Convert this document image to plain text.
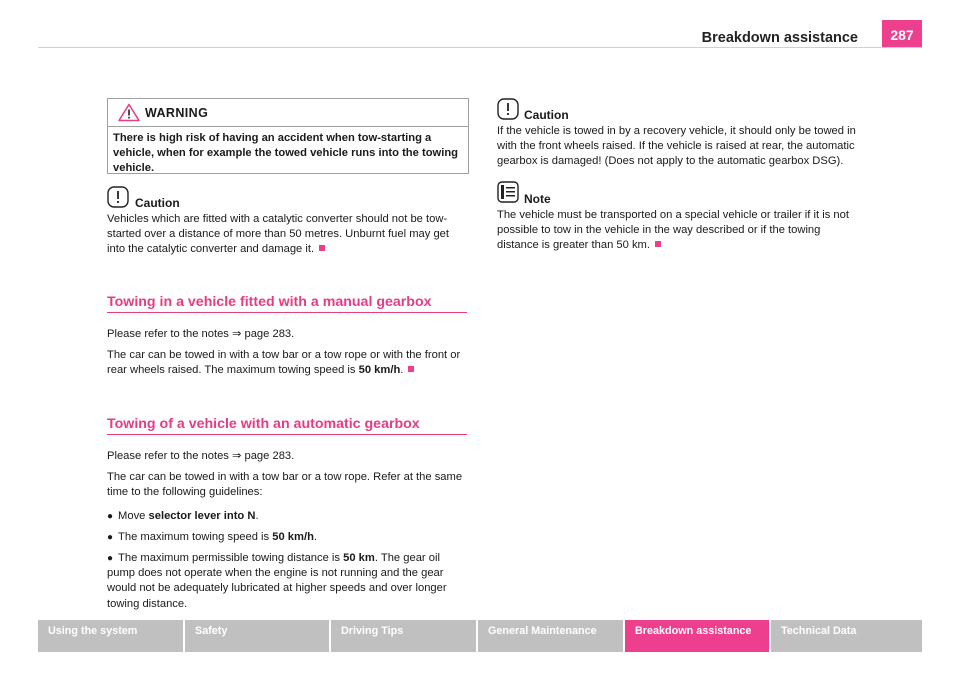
Breakdown assistance	287
WARNING
There is high risk of having an accident when tow-starting a vehicle, when for example the towed vehicle runs into the towing vehicle.
Caution

Vehicles which are fitted with a catalytic converter should not be tow-started over a distance of more than 50 metres. Unburnt fuel may get into the catalytic converter and damage it.

Towing in a vehicle fitted with a manual gearbox

Please refer to the notes ⇒ page 283.

The car can be towed in with a tow bar or a tow rope or with the front or rear wheels raised. The maximum towing speed is 50 km/h.

Towing of a vehicle with an automatic gearbox

Please refer to the notes ⇒ page 283.

The car can be towed in with a tow bar or a tow rope. Refer at the same time to the following guidelines:

● Move selector lever into N.

● The maximum towing speed is 50 km/h.

● The maximum permissible towing distance is 50 km. The gear oil pump does not operate when the engine is not running and the gear would not be adequately lubricated at higher speeds and over longer towing distance.

Caution

If the vehicle is towed in by a recovery vehicle, it should only be towed in with the front wheels raised. If the vehicle is raised at rear, the automatic gearbox is damaged! (Does not apply to the automatic gearbox DSG).

Note

The vehicle must be transported on a special vehicle or trailer if it is not possible to tow in the vehicle in the way described or if the towing distance is greater than 50 km.

Using the system	Safety	Driving Tips	General Maintenance	Breakdown assistance	Technical Data
